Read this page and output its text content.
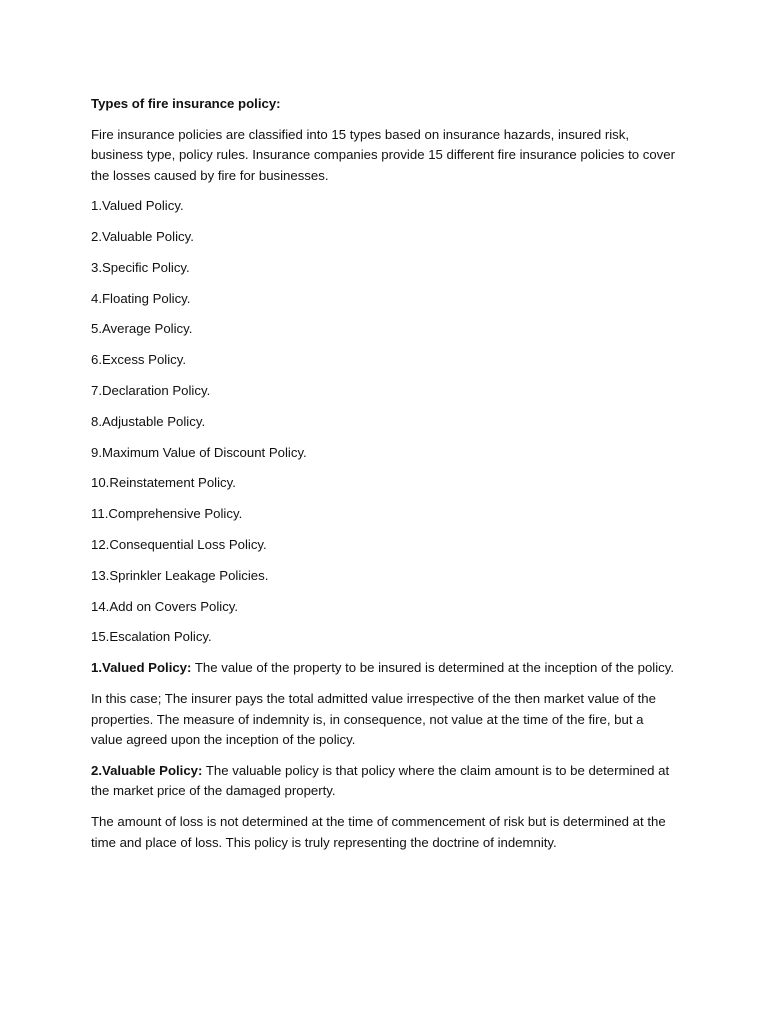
Types of fire insurance policy:

Fire insurance policies are classified into 15 types based on insurance hazards, insured risk, business type, policy rules. Insurance companies provide 15 different fire insurance policies to cover the losses caused by fire for businesses.

1.Valued Policy.
2.Valuable Policy.
3.Specific Policy.
4.Floating Policy.
5.Average Policy.
6.Excess Policy.
7.Declaration Policy.
8.Adjustable Policy.
9.Maximum Value of Discount Policy.
10.Reinstatement Policy.
11.Comprehensive Policy.
12.Consequential Loss Policy.
13.Sprinkler Leakage Policies.
14.Add on Covers Policy.
15.Escalation Policy.

1.Valued Policy: The value of the property to be insured is determined at the inception of the policy.

In this case; The insurer pays the total admitted value irrespective of the then market value of the properties. The measure of indemnity is, in consequence, not value at the time of the fire, but a value agreed upon the inception of the policy.

2.Valuable Policy: The valuable policy is that policy where the claim amount is to be determined at the market price of the damaged property.

The amount of loss is not determined at the time of commencement of risk but is determined at the time and place of loss. This policy is truly representing the doctrine of indemnity.
